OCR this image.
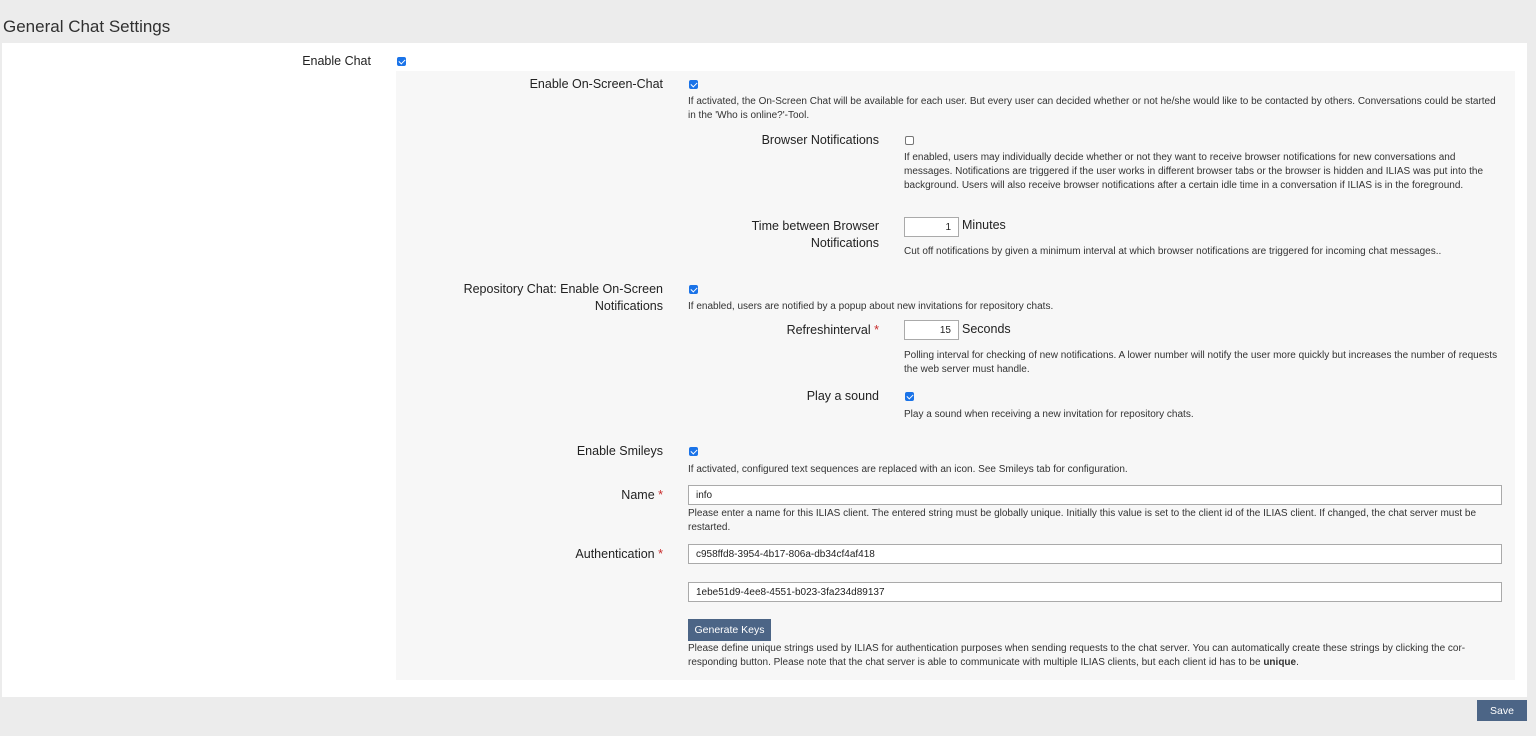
General Chat Settings
Enable Chat
Enable On-Screen-Chat
If activated, the On-Screen Chat will be available for each user. But every user can decided whether or not he/she would like to be contacted by others. Conversations could be started in the 'Who is online?'-Tool.
Browser Notifications
If enabled, users may individually decide whether or not they want to receive browser notifications for new conversations and messages. Notifications are triggered if the user works in different browser tabs or the browser is hidden and ILIAS was put into the background. Users will also receive browser notifications after a certain idle time in a conversation if ILIAS is in the foreground.
Time between Browser
Notifications
1 Minutes
Cut off notifications by given a minimum interval at which browser notifications are triggered for incoming chat messages..
Repository Chat: Enable On-Screen
Notifications	If enabled, users are notified by a popup about new invitations for repository chats.
Refreshinterval *	15 Seconds
Polling interval for checking of new notifications. A lower number will notify the user more quickly but increases the number of requests the web server must handle.
Play a sound
Play a sound when receiving a new invitation for repository chats.
Enable Smileys
If activated, configured text sequences are replaced with an icon. See Smileys tab for configuration.
Name *	info
Please enter a name for this ILIAS client. The entered string must be globally unique. Initially this value is set to the client id of the ILIAS client. If changed, the chat server must be restarted.
Authentication *	c958ffd8-3954-4b17-806a-db34cf4af418
1ebe51d9-4ee8-4551-b023-3fa234d89137
Generate Keys
Please define unique strings used by ILIAS for authentication purposes when sending requests to the chat server. You can automatically create these strings by clicking the cor-responding button. Please note that the chat server is able to communicate with multiple ILIAS clients, but each client id has to be unique.
Save
